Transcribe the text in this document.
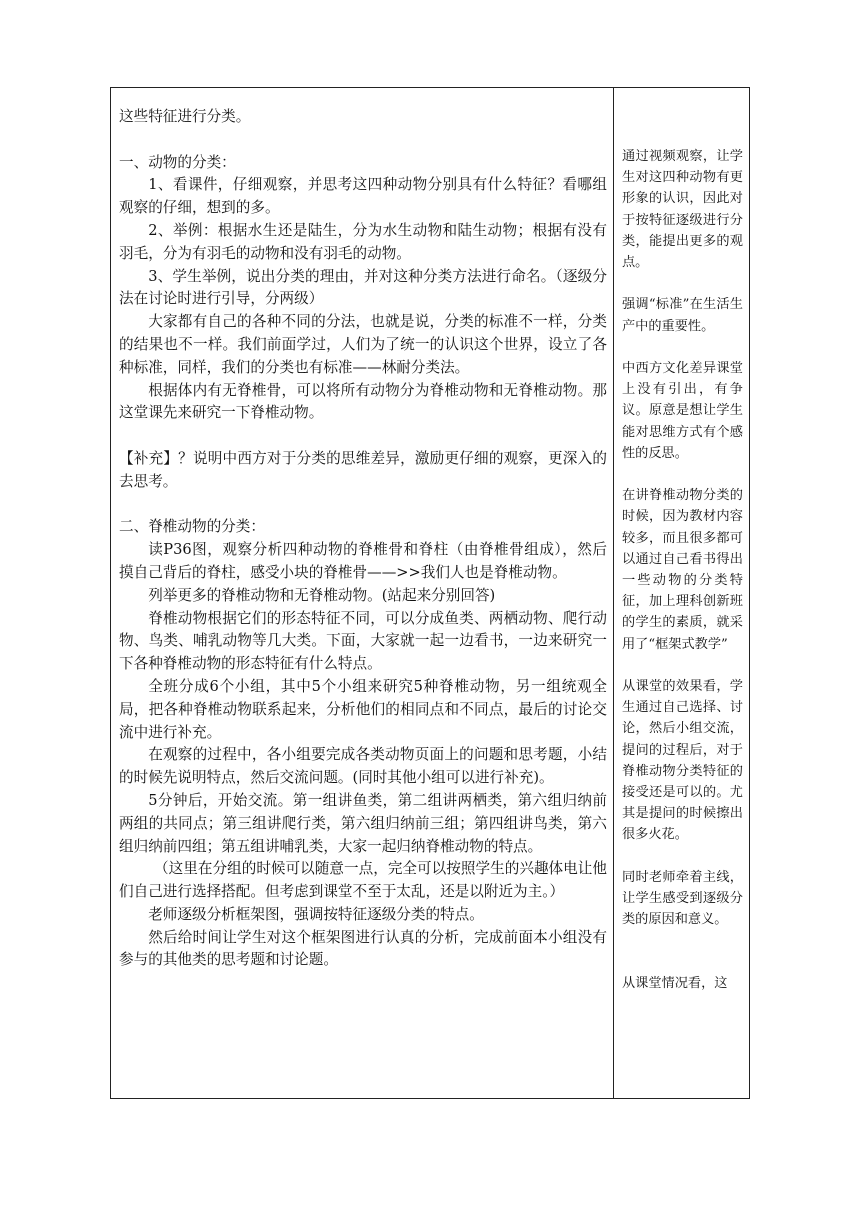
这些特征进行分类。

一、动物的分类：

1、看课件，仔细观察，并思考这四种动物分别具有什么特征？看哪组观察的仔细，想到的多。

2、举例：根据水生还是陆生，分为水生动物和陆生动物；根据有没有羽毛，分为有羽毛的动物和没有羽毛的动物。

3、学生举例，说出分类的理由，并对这种分类方法进行命名。（逐级分法在讨论时进行引导，分两级）

大家都有自己的各种不同的分法，也就是说，分类的标准不一样，分类的结果也不一样。我们前面学过，人们为了统一的认识这个世界，设立了各种标准，同样，我们的分类也有标准——林耐分类法。

根据体内有无脊椎骨，可以将所有动物分为脊椎动物和无脊椎动物。那这堂课先来研究一下脊椎动物。

【补充】？说明中西方对于分类的思维差异，激励更仔细的观察，更深入的去思考。

二、脊椎动物的分类：

读P36图，观察分析四种动物的脊椎骨和脊柱（由脊椎骨组成），然后摸自己背后的脊柱，感受小块的脊椎骨——>>我们人也是脊椎动物。

列举更多的脊椎动物和无脊椎动物。(站起来分别回答)

脊椎动物根据它们的形态特征不同，可以分成鱼类、两栖动物、爬行动物、鸟类、哺乳动物等几大类。下面，大家就一起一边看书，一边来研究一下各种脊椎动物的形态特征有什么特点。

全班分成6个小组，其中5个小组来研究5种脊椎动物，另一组统观全局，把各种脊椎动物联系起来，分析他们的相同点和不同点，最后的讨论交流中进行补充。

在观察的过程中，各小组要完成各类动物页面上的问题和思考题，小结的时候先说明特点，然后交流问题。(同时其他小组可以进行补充)。

5分钟后，开始交流。第一组讲鱼类，第二组讲两栖类，第六组归纳前两组的共同点；第三组讲爬行类，第六组归纳前三组；第四组讲鸟类，第六组归纳前四组；第五组讲哺乳类，大家一起归纳脊椎动物的特点。

（这里在分组的时候可以随意一点，完全可以按照学生的兴趣体电让他们自己进行选择搭配。但考虑到课堂不至于太乱，还是以附近为主。）

老师逐级分析框架图，强调按特征逐级分类的特点。

然后给时间让学生对这个框架图进行认真的分析，完成前面本小组没有参与的其他类的思考题和讨论题。

通过视频观察，让学生对这四种动物有更形象的认识，因此对于按特征逐级进行分类，能提出更多的观点。

强调“标准”在生活生产中的重要性。

中西方文化差异课堂上没有引出，有争议。原意是想让学生能对思维方式有个感性的反思。

在讲脊椎动物分类的时候，因为教材内容较多，而且很多都可以通过自己看书得出一些动物的分类特征，加上理科创新班的学生的素质，就采用了“框架式教学”

从课堂的效果看，学生通过自己选择、讨论，然后小组交流，提问的过程后，对于脊椎动物分类特征的接受还是可以的。尤其是提问的时候擦出很多火花。

同时老师牵着主线，让学生感受到逐级分类的原因和意义。

从课堂情况看，这
